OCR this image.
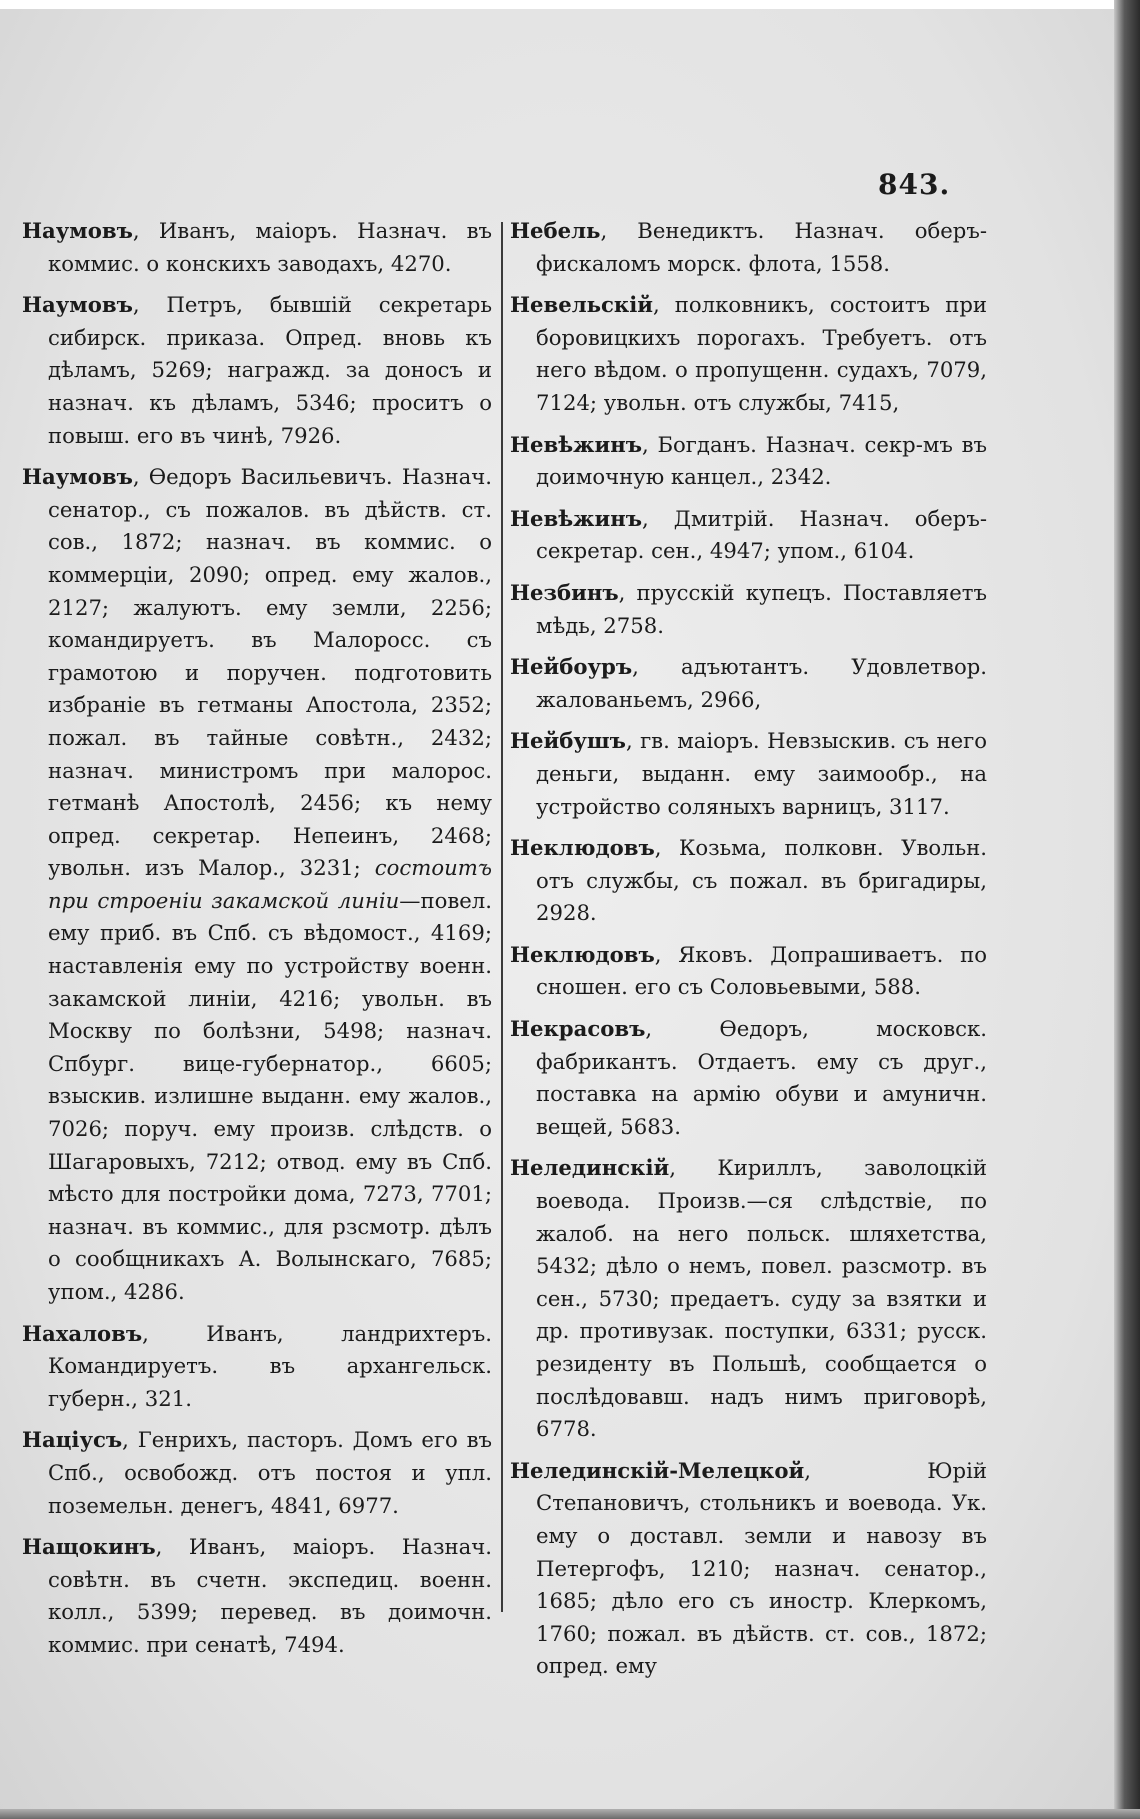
843.

Наумовъ, Иванъ, маіоръ. Назнач. въ коммис. о конскихъ заводахъ, 4270.

Наумовъ, Петръ, бывшій секретарь сибирск. приказа. Опред. вновь къ дѣламъ, 5269; награжд. за доносъ и назнач. къ дѣламъ, 5346; проситъ о повыш. его въ чинѣ, 7926.

Наумовъ, Ѳедоръ Васильевичъ. Назнач. сенатор., съ пожалов. въ дѣйств. ст. сов., 1872; назнач. въ коммис. о коммерціи, 2090; опред. ему жалов., 2127; жалуютъ. ему земли, 2256; командируетъ. въ Малоросс. съ грамотою и поручен. подготовить избраніе въ гетманы Апостола, 2352; пожал. въ тайные совѣтн., 2432; назнач. министромъ при малорос. гетманѣ Апостолѣ, 2456; къ нему опред. секретар. Непеинъ, 2468; увольн. изъ Малор., 3231; состоитъ при строеніи закамской линіи—повел. ему приб. въ Спб. съ вѣдомост., 4169; наставленія ему по устройству военн. закамской линіи, 4216; увольн. въ Москву по болѣзни, 5498; назнач. Спбург. вице-губернатор., 6605; взыскив. излишне выданн. ему жалов., 7026; поруч. ему произв. слѣдств. о Шагаровыхъ, 7212; отвод. ему въ Спб. мѣсто для постройки дома, 7273, 7701; назнач. въ коммис., для рзсмотр. дѣлъ о сообщникахъ А. Волынскаго, 7685; упом., 4286.

Нахаловъ, Иванъ, ландрихтеръ. Командируетъ. въ архангельск. губерн., 321.

Нацiусъ, Генрихъ, пасторъ. Домъ его въ Спб., освобожд. отъ постоя и упл. поземельн. денегъ, 4841, 6977.

Нащокинъ, Иванъ, маіоръ. Назнач. совѣтн. въ счетн. экспедиц. военн. колл., 5399; перевед. въ доимочн. коммис. при сенатѣ, 7494.

Небель, Венедиктъ. Назнач. оберъ-фискаломъ морск. флота, 1558.

Невельскій, полковникъ, состоитъ при боровицкихъ порогахъ. Требуетъ. отъ него вѣдом. о пропущенн. судахъ, 7079, 7124; увольн. отъ службы, 7415,

Невѣжинъ, Богданъ. Назнач. секр-мъ въ доимочную канцел., 2342.

Невѣжинъ, Дмитрій. Назнач. оберъ-секретар. сен., 4947; упом., 6104.

Незбинъ, прусскій купецъ. Поставляетъ мѣдь, 2758.

Нейбоуръ, адъютантъ. Удовлетвор. жалованьемъ, 2966,

Нейбушъ, гв. маіоръ. Невзыскив. съ него деньги, выданн. ему заимообр., на устройство соляныхъ варницъ, 3117.

Неклюдовъ, Козьма, полковн. Увольн. отъ службы, съ пожал. въ бригадиры, 2928.

Неклюдовъ, Яковъ. Допрашиваетъ. по сношен. его съ Соловьевыми, 588.

Некрасовъ, Ѳедоръ, московск. фабрикантъ. Отдаетъ. ему съ друг., поставка на армію обуви и амуничн. вещей, 5683.

Нелединскій, Кириллъ, заволоцкій воевода. Произв.—ся слѣдствіе, по жалоб. на него польск. шляхетства, 5432; дѣло о немъ, повел. разсмотр. въ сен., 5730; предаетъ. суду за взятки и др. противузак. поступки, 6331; русск. резиденту въ Польшѣ, сообщается о послѣдовавш. надъ нимъ приговорѣ, 6778.

Нелединскій-Мелецкой, Юрій Степановичъ, стольникъ и воевода. Ук. ему о доставл. земли и навозу въ Петергофъ, 1210; назнач. сенатор., 1685; дѣло его съ иностр. Клеркомъ, 1760; пожал. въ дѣйств. ст. сов., 1872; опред. ему
